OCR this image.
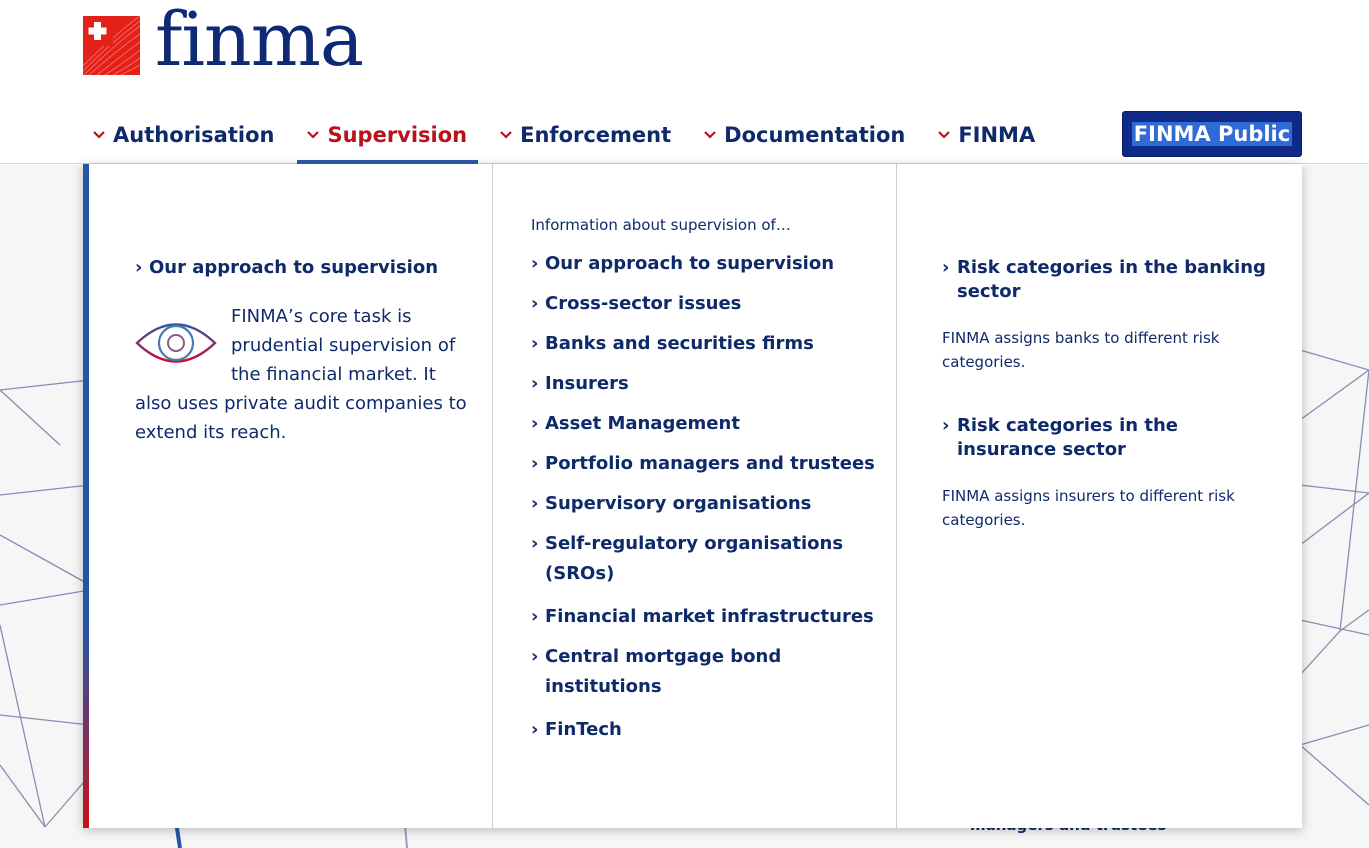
finma
Authorisation	Supervision	Enforcement	Documentation	FINMA	FINMA Public
› Our approach to supervision
FINMA’s core task is prudential supervision of the financial market. It also uses private audit companies to extend its reach.
Information about supervision of…
› Our approach to supervision
› Cross-sector issues
› Banks and securities firms
› Insurers
› Asset Management
› Portfolio managers and trustees
› Supervisory organisations
› Self-regulatory organisations (SROs)
› Financial market infrastructures
› Central mortgage bond institutions
› FinTech
› Risk categories in the banking sector
FINMA assigns banks to different risk categories.
› Risk categories in the insurance sector
FINMA assigns insurers to different risk categories.
